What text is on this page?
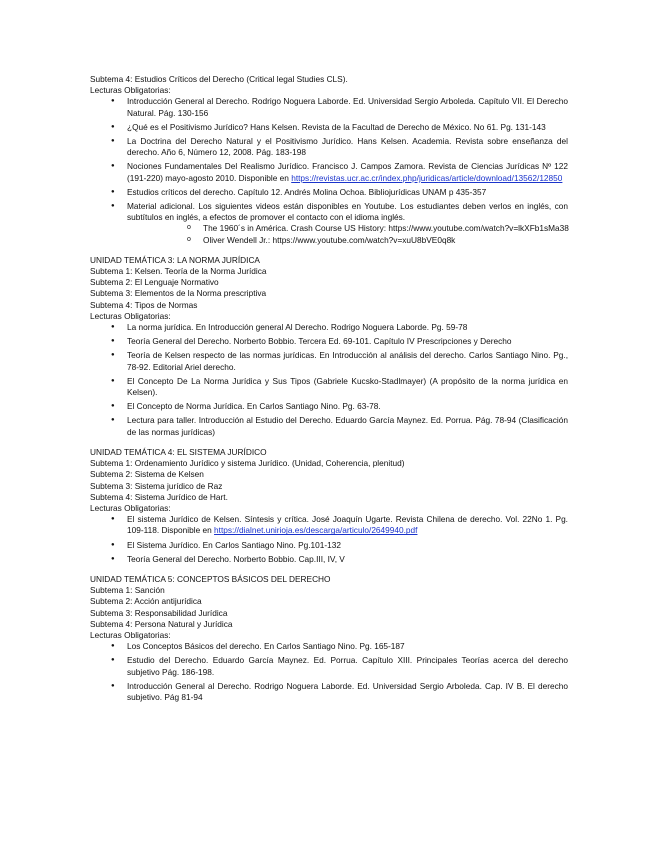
Subtema 4: Estudios Críticos del Derecho (Critical legal Studies CLS).
Lecturas Obligatorias:
● Introducción General al Derecho. Rodrigo Noguera Laborde. Ed. Universidad Sergio Arboleda. Capítulo VII. El Derecho Natural. Pág. 130-156
● ¿Qué es el Positivismo Jurídico? Hans Kelsen. Revista de la Facultad de Derecho de México. No 61. Pg. 131-143
● La Doctrina del Derecho Natural y el Positivismo Jurídico. Hans Kelsen. Academia. Revista sobre enseñanza del derecho. Año 6, Número 12, 2008. Pág. 183-198
● Nociones Fundamentales Del Realismo Jurídico. Francisco J. Campos Zamora. Revista de Ciencias Jurídicas Nº 122 (191-220) mayo-agosto 2010. Disponible en https://revistas.ucr.ac.cr/index.php/juridicas/article/download/13562/12850
● Estudios críticos del derecho. Capítulo 12. Andrés Molina Ochoa. Bibliojurídicas UNAM p 435-357
● Material adicional. Los siguientes videos están disponibles en Youtube. Los estudiantes deben verlos en inglés, con subtítulos en inglés, a efectos de promover el contacto con el idioma inglés.
o The 1960´s in América. Crash Course US History: https://www.youtube.com/watch?v=lkXFb1sMa38
o Oliver Wendell Jr.: https://www.youtube.com/watch?v=xuU8bVE0q8k
UNIDAD TEMÁTICA 3: LA NORMA JURÍDICA
Subtema 1: Kelsen. Teoría de la Norma Jurídica
Subtema 2: El Lenguaje Normativo
Subtema 3: Elementos de la Norma prescriptiva
Subtema 4: Tipos de Normas
Lecturas Obligatorias:
● La norma jurídica. En Introducción general Al Derecho. Rodrigo Noguera Laborde. Pg. 59-78
● Teoría General del Derecho. Norberto Bobbio. Tercera Ed. 69-101. Capítulo IV Prescripciones y Derecho
● Teoría de Kelsen respecto de las normas jurídicas. En Introducción al análisis del derecho. Carlos Santiago Nino. Pg., 78-92. Editorial Ariel derecho.
● El Concepto De La Norma Jurídica y Sus Tipos (Gabriele Kucsko-Stadlmayer) (A propósito de la norma jurídica en Kelsen).
● El Concepto de Norma Jurídica. En Carlos Santiago Nino. Pg. 63-78.
● Lectura para taller. Introducción al Estudio del Derecho. Eduardo García Maynez. Ed. Porrua. Pág. 78-94 (Clasificación de las normas jurídicas)
UNIDAD TEMÁTICA 4: EL SISTEMA JURÍDICO
Subtema 1: Ordenamiento Jurídico y sistema Jurídico. (Unidad, Coherencia, plenitud)
Subtema 2: Sistema de Kelsen
Subtema 3: Sistema jurídico de Raz
Subtema 4: Sistema Jurídico de Hart.
Lecturas Obligatorias:
● El sistema Jurídico de Kelsen. Síntesis y crítica. José Joaquín Ugarte. Revista Chilena de derecho. Vol. 22No 1. Pg. 109-118. Disponible en https://dialnet.unirioja.es/descarga/articulo/2649940.pdf
● El Sistema Jurídico. En Carlos Santiago Nino. Pg.101-132
● Teoría General del Derecho. Norberto Bobbio. Cap.III, IV, V
UNIDAD TEMÁTICA 5: CONCEPTOS BÁSICOS DEL DERECHO
Subtema 1: Sanción
Subtema 2: Acción antijurídica
Subtema 3: Responsabilidad Jurídica
Subtema 4: Persona Natural y Jurídica
Lecturas Obligatorias:
● Los Conceptos Básicos del derecho. En Carlos Santiago Nino. Pg. 165-187
● Estudio del Derecho. Eduardo García Maynez. Ed. Porrua. Capítulo XIII. Principales Teorías acerca del derecho subjetivo Pág. 186-198.
● Introducción General al Derecho. Rodrigo Noguera Laborde. Ed. Universidad Sergio Arboleda. Cap. IV B. El derecho subjetivo. Pág 81-94
